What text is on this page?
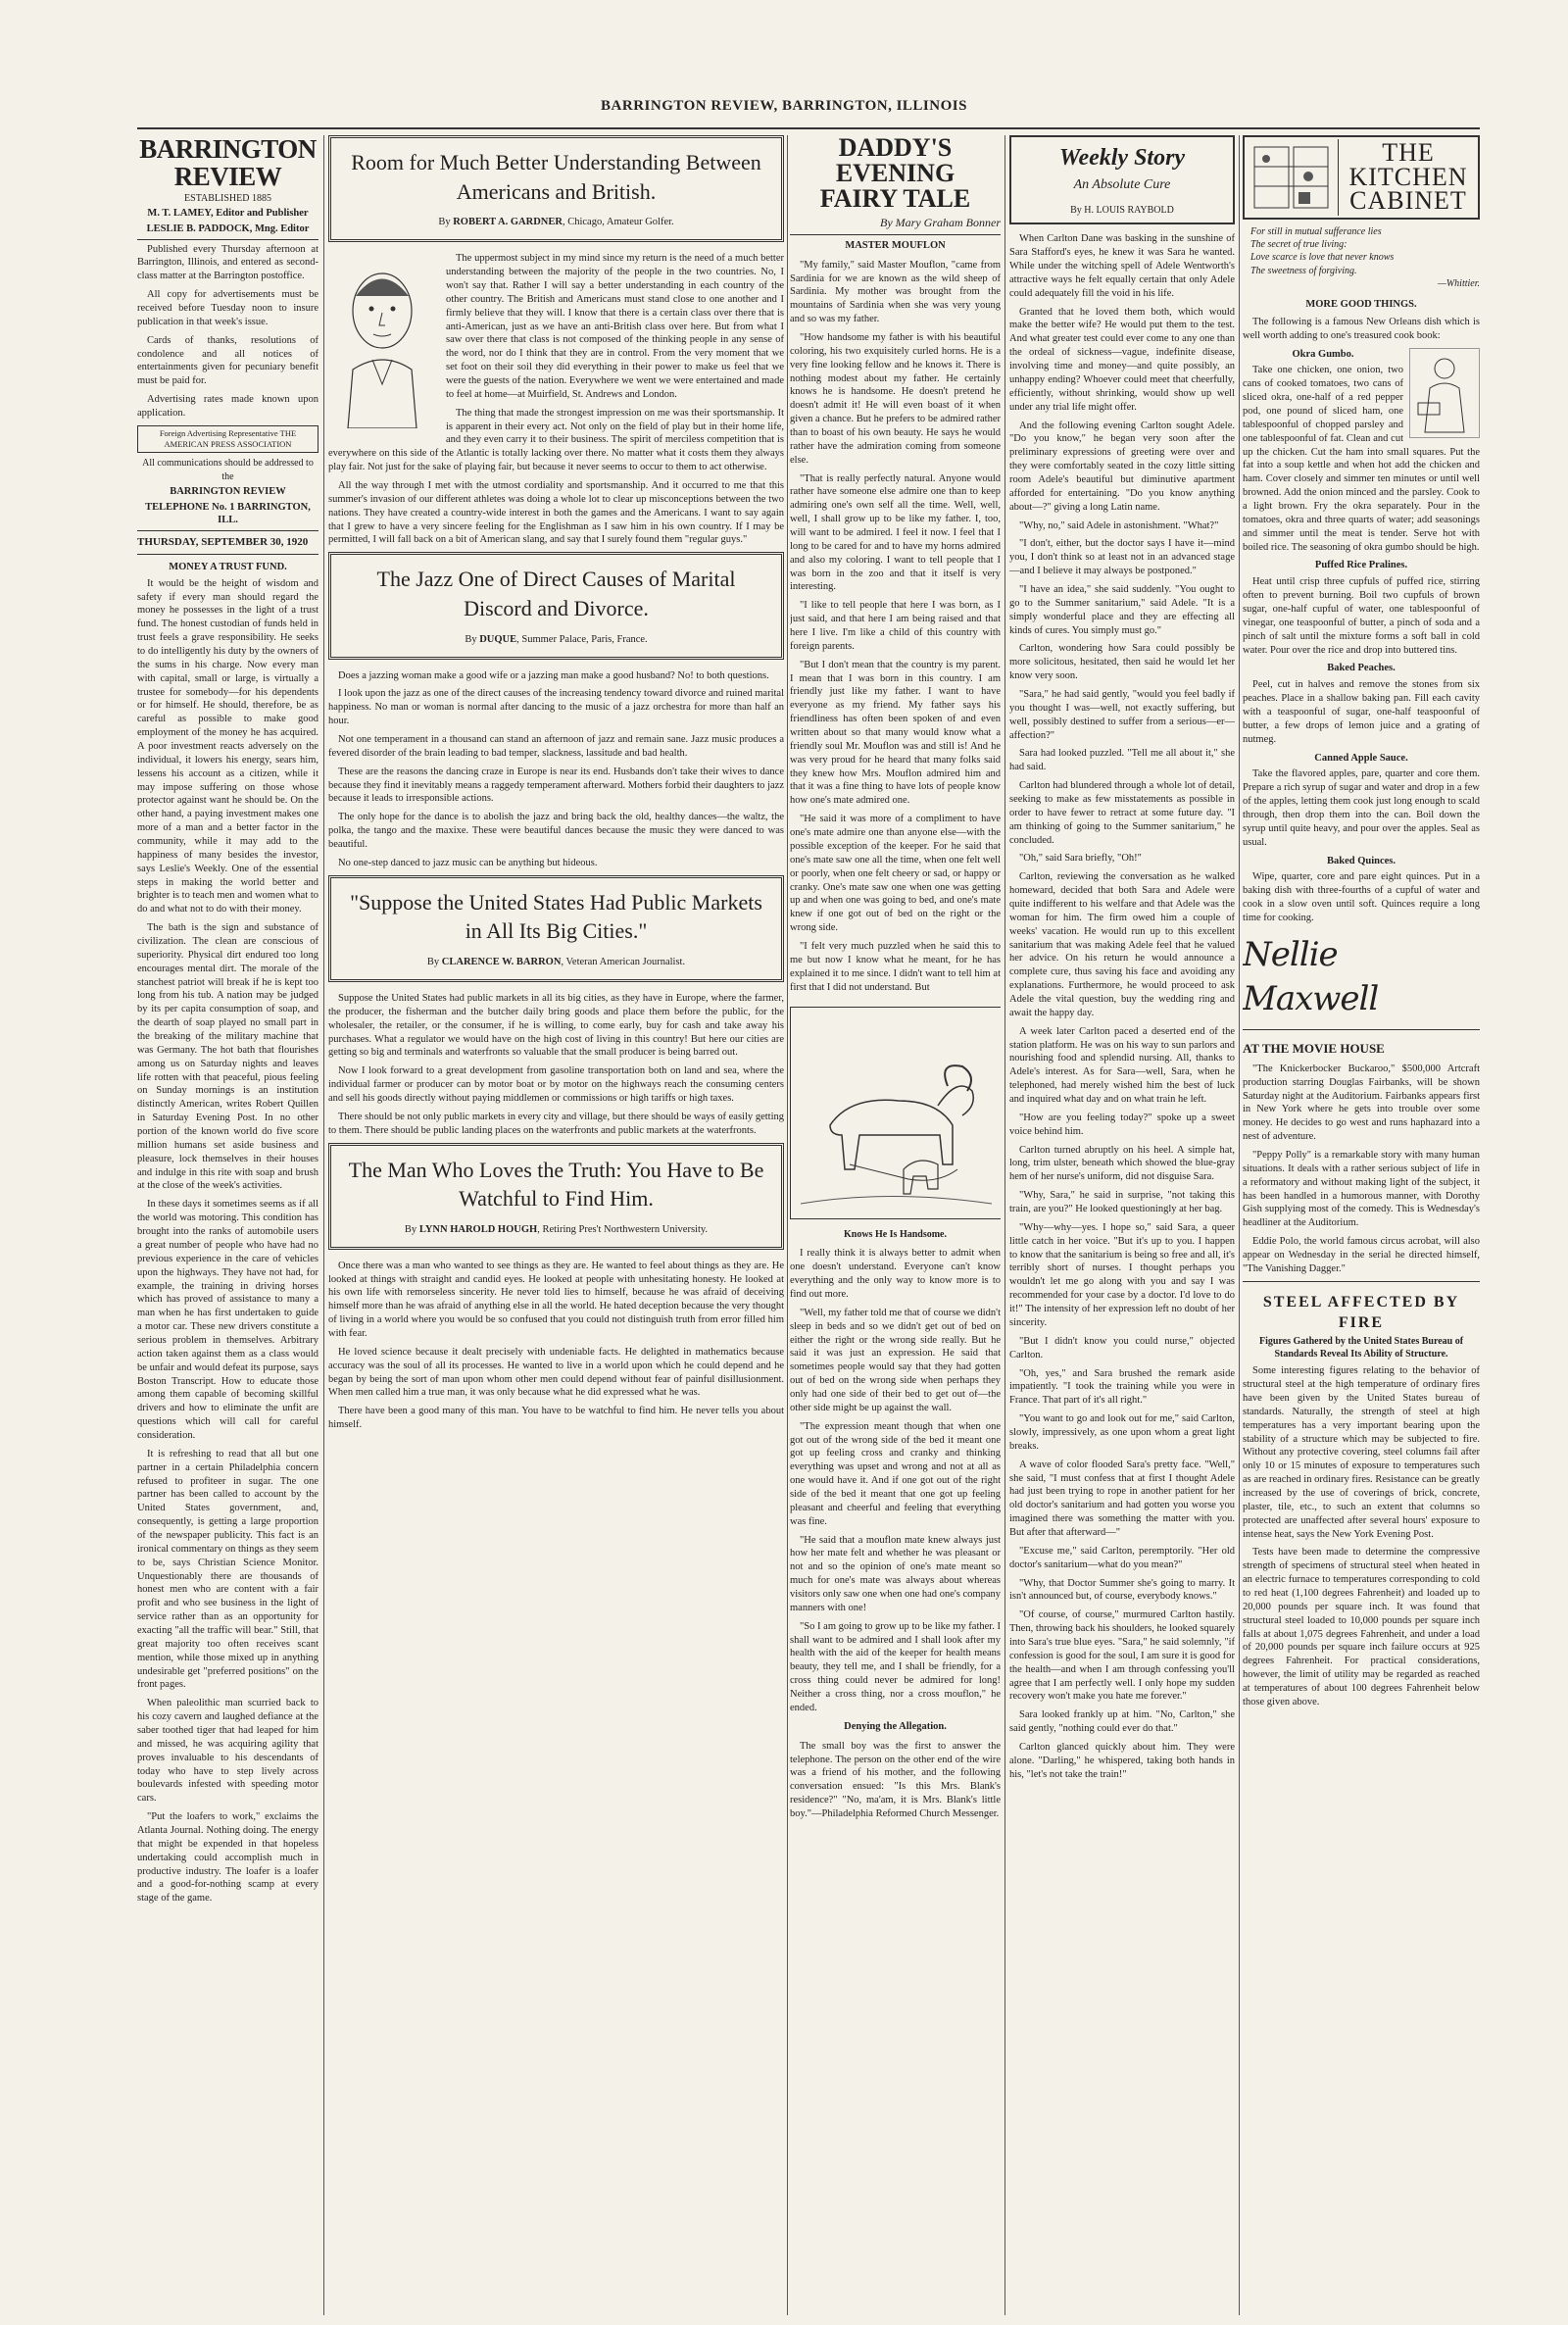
BARRINGTON REVIEW, BARRINGTON, ILLINOIS
BARRINGTON REVIEW
ESTABLISHED 1885
M. T. LAMEY, Editor and Publisher
LESLIE B. PADDOCK, Mng. Editor

Published every Thursday afternoon at Barrington, Illinois, and entered as second-class matter at the Barrington postoffice.

All copy for advertisements must be received before Tuesday noon to insure publication in that week's issue.

Cards of thanks, resolutions of condolence and all notices of entertainments given for pecuniary benefit must be paid for.

Advertising rates made known upon application.

Foreign Advertising Representative THE AMERICAN PRESS ASSOCIATION
All communications should be addressed to the
BARRINGTON REVIEW
TELEPHONE No. 1 BARRINGTON, ILL.
THURSDAY, SEPTEMBER 30, 1920
MONEY A TRUST FUND.

It would be the height of wisdom and safety if every man should regard the money he possesses in the light of a trust fund. The honest custodian of funds held in trust feels a grave responsibility. He seeks to do intelligently his duty by the owners of the sums in his charge. Now every man with capital, small or large, is virtually a trustee for somebody—for his dependents or for himself. He should, therefore, be as careful as possible to make good employment of the money he has acquired. A poor investment reacts adversely on the individual, it lowers his energy, sears him, lessens his account as a citizen, while it may impose suffering on those whose protector against want he should be. On the other hand, a paying investment makes one more of a man and a better factor in the community, while it may add to the happiness of many besides the investor, says Leslie's Weekly. One of the essential steps in making the world better and brighter is to teach men and women what to do and what not to do with their money.

The bath is the sign and substance of civilization. The clean are conscious of superiority. Physical dirt endured too long encourages mental dirt. The morale of the stanchest patriot will break if he is kept too long from his tub. A nation may be judged by its per capita consumption of soap, and the dearth of soap played no small part in the breaking of the military machine that was Germany. The hot bath that flourishes among us on Saturday nights and leaves life rotten with that peaceful, pious feeling on Sunday mornings is an institution distinctly American, writes Robert Quillen in Saturday Evening Post. In no other portion of the known world do five score million humans set aside business and pleasure, lock themselves in their houses and indulge in this rite with soap and brush at the close of the week's activities.

In these days it sometimes seems as if all the world was motoring. This condition has brought into the ranks of automobile users a great number of people who have had no previous experience in the care of vehicles upon the highways. They have not had, for example, the training in driving horses which has proved of assistance to many a man when he has first undertaken to guide a motor car. These new drivers constitute a serious problem in themselves. Arbitrary action taken against them as a class would be unfair and would defeat its purpose, says Boston Transcript. How to educate those among them capable of becoming skillful drivers and how to eliminate the unfit are questions which will call for careful consideration.

It is refreshing to read that all but one partner in a certain Philadelphia concern refused to profiteer in sugar. The one partner has been called to account by the United States government, and, consequently, is getting a large proportion of the newspaper publicity. This fact is an ironical commentary on things as they seem to be, says Christian Science Monitor. Unquestionably there are thousands of honest men who are content with a fair profit and who see business in the light of service rather than as an opportunity for exacting "all the traffic will bear." Still, that great majority too often receives scant mention, while those mixed up in anything undesirable get "preferred positions" on the front pages.

When paleolithic man scurried back to his cozy cavern and laughed defiance at the saber toothed tiger that had leaped for him and missed, he was acquiring agility that proves invaluable to his descendants of today who have to step lively across boulevards infested with speeding motor cars.

"Put the loafers to work," exclaims the Atlanta Journal. Nothing doing. The energy that might be expended in that hopeless undertaking could accomplish much in productive industry. The loafer is a loafer and a good-for-nothing scamp at every stage of the game.

Room for Much Better Understanding Between Americans and British.
By ROBERT A. GARDNER, Chicago, Amateur Golfer.

The uppermost subject in my mind since my return is the need of a much better understanding between the majority of the people in the two countries. No, I won't say that. Rather I will say a better understanding in each country of the other country. The British and Americans must stand close to one another and I firmly believe that they will. I know that there is a certain class over there that is anti-American, just as we have an anti-British class over here. But from what I saw over there that class is not composed of the thinking people in any sense of the word, nor do I think that they are in control. From the very moment that we set foot on their soil they did everything in their power to make us feel that we were the guests of the nation. Everywhere we went we were entertained and made to feel at home—at Muirfield, St. Andrews and London.

The thing that made the strongest impression on me was their sportsmanship. It is apparent in their every act. Not only on the field of play but in their home life, and they even carry it to their business. The spirit of merciless competition that is everywhere on this side of the Atlantic is totally lacking over there. No matter what it costs them they always play fair. Not just for the sake of playing fair, but because it never seems to occur to them to act otherwise.

All the way through I met with the utmost cordiality and sportsmanship. And it occurred to me that this summer's invasion of our different athletes was doing a whole lot to clear up misconceptions between the two nations. They have created a country-wide interest in both the games and the Americans. I want to say again that I grew to have a very sincere feeling for the Englishman as I saw him in his own country. If I may be permitted, I will fall back on a bit of American slang, and say that I surely found them "regular guys."

The Jazz One of Direct Causes of Marital Discord and Divorce.
By DUQUE, Summer Palace, Paris, France.

Does a jazzing woman make a good wife or a jazzing man make a good husband? No! to both questions.

I look upon the jazz as one of the direct causes of the increasing tendency toward divorce and ruined marital happiness. No man or woman is normal after dancing to the music of a jazz orchestra for more than half an hour.

Not one temperament in a thousand can stand an afternoon of jazz and remain sane. Jazz music produces a fevered disorder of the brain leading to bad temper, slackness, lassitude and bad health.

These are the reasons the dancing craze in Europe is near its end. Husbands don't take their wives to dance because they find it inevitably means a raggedy temperament afterward. Mothers forbid their daughters to jazz because it leads to irresponsible actions.

The only hope for the dance is to abolish the jazz and bring back the old, healthy dances—the waltz, the polka, the tango and the maxixe. These were beautiful dances because the music they were danced to was beautiful.

No one-step danced to jazz music can be anything but hideous.

"Suppose the United States Had Public Markets in All Its Big Cities."
By CLARENCE W. BARRON, Veteran American Journalist.

Suppose the United States had public markets in all its big cities, as they have in Europe, where the farmer, the producer, the fisherman and the butcher daily bring goods and place them before the public, for the wholesaler, the retailer, or the consumer, if he is willing, to come early, buy for cash and take away his purchases. What a regulator we would have on the high cost of living in this country! But here our cities are getting so big and terminals and waterfronts so valuable that the small producer is being barred out.

Now I look forward to a great development from gasoline transportation both on land and sea, where the individual farmer or producer can by motor boat or by motor on the highways reach the consuming centers and sell his goods directly without paying middlemen or commissions or high tariffs or high taxes.

There should be not only public markets in every city and village, but there should be ways of easily getting to them. There should be public landing places on the waterfronts and public markets at the waterfronts.

The Man Who Loves the Truth: You Have to Be Watchful to Find Him.
By LYNN HAROLD HOUGH, Retiring Pres't Northwestern University.

Once there was a man who wanted to see things as they are. He wanted to feel about things as they are. He looked at things with straight and candid eyes. He looked at people with unhesitating honesty. He looked at his own life with remorseless sincerity. He never told lies to himself, because he was afraid of deceiving himself more than he was afraid of anything else in all the world. He hated deception because the very thought of living in a world where you would be so confused that you could not distinguish truth from error filled him with fear.

He loved science because it dealt precisely with undeniable facts. He delighted in mathematics because accuracy was the soul of all its processes. He wanted to live in a world upon which he could depend and he began by being the sort of man upon whom other men could depend without fear of painful disillusionment. When men called him a true man, it was only because what he did expressed what he was.

There have been a good many of this man. You have to be watchful to find him. He never tells you about himself.

DADDY'S EVENING
FAIRY TALE
By Mary Graham Bonner
MASTER MOUFLON

"My family," said Master Mouflon, "came from Sardinia for we are known as the wild sheep of Sardinia. My mother was brought from the mountains of Sardinia when she was very young and so was my father.

"How handsome my father is with his beautiful coloring, his two exquisitely curled horns. He is a very fine looking fellow and he knows it. There is nothing modest about my father. He certainly knows he is handsome. He doesn't pretend he doesn't admit it! He will even boast of it when given a chance. But he prefers to be admired rather than to boast of his own beauty. He says he would rather have the admiration coming from someone else.

"That is really perfectly natural. Anyone would rather have someone else admire one than to keep admiring one's own self all the time. Well, well, well, I shall grow up to be like my father. I, too, will want to be admired. I feel it now. I feel that I long to be cared for and to have my horns admired and also my coloring. I want to tell people that I was born in the zoo and that it itself is very interesting.

"I like to tell people that here I was born, as I just said, and that here I am being raised and that here I live. I'm like a child of this country with foreign parents.

"But I don't mean that the country is my parent. I mean that I was born in this country. I am friendly just like my father. I want to have everyone as my friend. My father says his friendliness has often been spoken of and even written about so that many would know what a friendly soul Mr. Mouflon was and still is! And he was very proud for he heard that many folks said they knew how Mrs. Mouflon admired him and that it was a fine thing to have lots of people know how one's mate admired one.

"He said it was more of a compliment to have one's mate admire one than anyone else—with the possible exception of the keeper. For he said that one's mate saw one all the time, when one felt well or poorly, when one felt cheery or sad, or happy or cranky. One's mate saw one when one was getting up and when one was going to bed, and one's mate knew if one got out of bed on the right or the wrong side.

"I felt very much puzzled when he said this to me but now I know what he meant, for he has explained it to me since. I didn't want to tell him at first that I did not understand. But

Knows He Is Handsome.

I really think it is always better to admit when one doesn't understand. Everyone can't know everything and the only way to know more is to find out more.

"Well, my father told me that of course we didn't sleep in beds and so we didn't get out of bed on either the right or the wrong side really. But he said it was just an expression. He said that sometimes people would say that they had gotten out of bed on the wrong side when perhaps they only had one side of their bed to get out of—the other side might be up against the wall.

"The expression meant though that when one got out of the wrong side of the bed it meant one got up feeling cross and cranky and thinking everything was upset and wrong and not at all as one would have it. And if one got out of the right side of the bed it meant that one got up feeling pleasant and cheerful and feeling that everything was fine.

"He said that a mouflon mate knew always just how her mate felt and whether he was pleasant or not and so the opinion of one's mate meant so much for one's mate was always about whereas visitors only saw one when one had one's company manners with one!

"So I am going to grow up to be like my father. I shall want to be admired and I shall look after my health with the aid of the keeper for health means beauty, they tell me, and I shall be friendly, for a cross thing could never be admired for long! Neither a cross thing, nor a cross mouflon," he ended.

Denying the Allegation.

The small boy was the first to answer the telephone. The person on the other end of the wire was a friend of his mother, and the following conversation ensued: "Is this Mrs. Blank's residence?" "No, ma'am, it is Mrs. Blank's little boy."—Philadelphia Reformed Church Messenger.

Weekly Story
An Absolute Cure
By H. LOUIS RAYBOLD

When Carlton Dane was basking in the sunshine of Sara Stafford's eyes, he knew it was Sara he wanted. While under the witching spell of Adele Wentworth's attractive ways he felt equally certain that only Adele could adequately fill the void in his life.

Granted that he loved them both, which would make the better wife? He would put them to the test. And what greater test could ever come to any one than the ordeal of sickness—vague, indefinite disease, involving time and money—and quite possibly, an unhappy ending? Whoever could meet that cheerfully, efficiently, without shrinking, would show up well under any trial life might offer.

And the following evening Carlton sought Adele. "Do you know," he began very soon after the preliminary expressions of greeting were over and they were comfortably seated in the cozy little sitting room Adele's beautiful but diminutive apartment afforded for entertaining. "Do you know anything about—?" giving a long Latin name.

"Why, no," said Adele in astonishment. "What?"

"I don't, either, but the doctor says I have it—mind you, I don't think so at least not in an advanced stage—and I believe it may always be postponed."

"I have an idea," she said suddenly. "You ought to go to the Summer sanitarium," said Adele. "It is a simply wonderful place and they are effecting all kinds of cures. You simply must go."

Carlton, wondering how Sara could possibly be more solicitous, hesitated, then said he would let her know very soon.

"Sara," he had said gently, "would you feel badly if you thought I was—well, not exactly suffering, but well, possibly destined to suffer from a serious—er—affection?"

Sara had looked puzzled. "Tell me all about it," she had said.

Carlton had blundered through a whole lot of detail, seeking to make as few misstatements as possible in order to have fewer to retract at some future day. "I am thinking of going to the Summer sanitarium," he concluded.

"Oh," said Sara briefly, "Oh!"

Carlton, reviewing the conversation as he walked homeward, decided that both Sara and Adele were quite indifferent to his welfare and that Adele was the woman for him. The firm owed him a couple of weeks' vacation. He would run up to this excellent sanitarium that was making Adele feel that he valued her advice. On his return he would announce a complete cure, thus saving his face and avoiding any explanations. Furthermore, he would proceed to ask Adele the vital question, buy the wedding ring and await the happy day.

A week later Carlton paced a deserted end of the station platform. He was on his way to sun parlors and nourishing food and splendid nursing. All, thanks to Adele's interest. As for Sara—well, Sara, when he telephoned, had merely wished him the best of luck and inquired what day and on what train he left.

"How are you feeling today?" spoke up a sweet voice behind him.

Carlton turned abruptly on his heel. A simple hat, long, trim ulster, beneath which showed the blue-gray hem of her nurse's uniform, did not disguise Sara.

"Why, Sara," he said in surprise, "not taking this train, are you?" He looked questioningly at her bag.

"Why—why—yes. I hope so," said Sara, a queer little catch in her voice. "But it's up to you. I happen to know that the sanitarium is being so free and all, it's terribly short of nurses. I thought perhaps you wouldn't let me go along with you and say I was recommended for your case by a doctor. I'd love to do it!" The intensity of her expression left no doubt of her sincerity.

"But I didn't know you could nurse," objected Carlton.

"Oh, yes," and Sara brushed the remark aside impatiently. "I took the training while you were in France. That part of it's all right."

"You want to go and look out for me," said Carlton, slowly, impressively, as one upon whom a great light breaks.

A wave of color flooded Sara's pretty face. "Well," she said, "I must confess that at first I thought Adele had just been trying to rope in another patient for her old doctor's sanitarium and had gotten you worse you imagined there was something the matter with you. But after that afterward—"

"Excuse me," said Carlton, peremptorily. "Her old doctor's sanitarium—what do you mean?"

"Why, that Doctor Summer she's going to marry. It isn't announced but, of course, everybody knows."

"Of course, of course," murmured Carlton hastily. Then, throwing back his shoulders, he looked squarely into Sara's true blue eyes. "Sara," he said solemnly, "if confession is good for the soul, I am sure it is good for the health—and when I am through confessing you'll agree that I am perfectly well. I only hope my sudden recovery won't make you hate me forever."

Sara looked frankly up at him. "No, Carlton," she said gently, "nothing could ever do that."

Carlton glanced quickly about him. They were alone. "Darling," he whispered, taking both hands in his, "let's not take the train!"

THE
KITCHEN
CABINET
For still in mutual sufferance lies
The secret of true living:
Love scarce is love that never knows
The sweetness of forgiving.
—Whittier.
MORE GOOD THINGS.

The following is a famous New Orleans dish which is well worth adding to one's treasured cook book:

Okra Gumbo.

Take one chicken, one onion, two cans of cooked tomatoes, two cans of sliced okra, one-half of a red pepper pod, one pound of sliced ham, one tablespoonful of chopped parsley and one tablespoonful of fat. Clean and cut up the chicken. Cut the ham into small squares. Put the fat into a soup kettle and when hot add the chicken and ham. Cover closely and simmer ten minutes or until well browned. Add the onion minced and the parsley. Cook to a light brown. Fry the okra separately. Pour in the tomatoes, okra and three quarts of water; add seasonings and simmer until the meat is tender. Serve hot with boiled rice. The seasoning of okra gumbo should be high.

Puffed Rice Pralines.

Heat until crisp three cupfuls of puffed rice, stirring often to prevent burning. Boil two cupfuls of brown sugar, one-half cupful of water, one tablespoonful of vinegar, one teaspoonful of butter, a pinch of soda and a pinch of salt until the mixture forms a soft ball in cold water. Pour over the rice and drop into buttered tins.

Baked Peaches.

Peel, cut in halves and remove the stones from six peaches. Place in a shallow baking pan. Fill each cavity with a teaspoonful of sugar, one-half teaspoonful of butter, a few drops of lemon juice and a grating of nutmeg.

Canned Apple Sauce.

Take the flavored apples, pare, quarter and core them. Prepare a rich syrup of sugar and water and drop in a few of the apples, letting them cook just long enough to scald through, then drop them into the can. Boil down the syrup until quite heavy, and pour over the apples. Seal as usual.

Baked Quinces.

Wipe, quarter, core and pare eight quinces. Put in a baking dish with three-fourths of a cupful of water and cook in a slow oven until soft. Quinces require a long time for cooking.

Nellie Maxwell
AT THE MOVIE HOUSE

"The Knickerbocker Buckaroo," $500,000 Artcraft production starring Douglas Fairbanks, will be shown Saturday night at the Auditorium. Fairbanks appears first in New York where he gets into trouble over some money. He decides to go west and runs haphazard into a nest of adventure.

"Peppy Polly" is a remarkable story with many human situations. It deals with a rather serious subject of life in a reformatory and without making light of the subject, it has been handled in a humorous manner, with Dorothy Gish supplying most of the comedy. This is Wednesday's headliner at the Auditorium.

Eddie Polo, the world famous circus acrobat, will also appear on Wednesday in the serial he directed himself, "The Vanishing Dagger."

STEEL AFFECTED BY FIRE
Figures Gathered by the United States Bureau of Standards Reveal Its Ability of Structure.

Some interesting figures relating to the behavior of structural steel at the high temperature of ordinary fires have been given by the United States bureau of standards. Naturally, the strength of steel at high temperatures has a very important bearing upon the stability of a structure which may be subjected to fire. Without any protective covering, steel columns fail after only 10 or 15 minutes of exposure to temperatures such as are reached in ordinary fires. Resistance can be greatly increased by the use of coverings of brick, concrete, plaster, tile, etc., to such an extent that columns so protected are unaffected after several hours' exposure to intense heat, says the New York Evening Post.

Tests have been made to determine the compressive strength of specimens of structural steel when heated in an electric furnace to temperatures corresponding to cold to red heat (1,100 degrees Fahrenheit) and loaded up to 20,000 pounds per square inch. It was found that structural steel loaded to 10,000 pounds per square inch falls at about 1,075 degrees Fahrenheit, and under a load of 20,000 pounds per square inch failure occurs at 925 degrees Fahrenheit. For practical considerations, however, the limit of utility may be regarded as reached at temperatures of about 100 degrees Fahrenheit below those given above.
